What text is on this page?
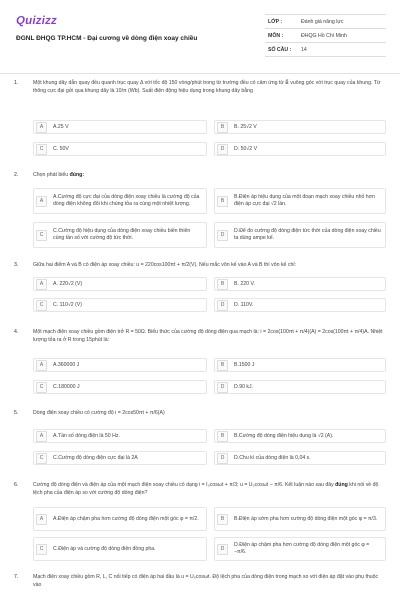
Quizizz
ĐGNL ĐHQG TP.HCM - Đại cương về dòng điện xoay chiều
LỚP :	Đánh giá năng lực
MÔN :	ĐHQG Hồ Chí Minh
SỐ CÂU :	14
1.	Một khung dây dẫn quay đều quanh trục quay Δ với tốc độ 150 vòng/phút trong từ trường đều có cảm ứng từ B⃗ vuông góc với trục quay của khung. Từ thông cực đại gửi qua khung dây là 10/π (Wb). Suất điện động hiệu dụng trong khung dây bằng
A	A.25 V	B	B. 25√2 V
C	C. 50V	D	D. 50√2 V
2.	Chọn phát biểu đúng:
A
A.Cường độ cực đại của dòng điện xoay chiều là cường độ của dòng điện không đổi khi chúng tỏa ra cùng một nhiệt lượng.	B
B.Điện áp hiệu dụng của một đoạn mạch xoay chiều nhỏ hơn điện áp cực đại √2 lần.
C
C.Cường độ hiệu dụng của dòng điện xoay chiều biến thiên cùng tần số với cường độ tức thời.	D
D.Để đo cường độ dòng điện tức thời của dòng điện xoay chiều ta dùng ampe kế.
3.	Giữa hai điểm A và B có điện áp xoay chiều: u = 220cos100πt + π/2(V). Nếu mắc vôn kế vào A và B thì vôn kế chỉ:
A	A. 220√2 (V)	B	B. 220 V.
C	C. 110√2 (V)	D	D. 110V.
4.	Một mạch điện xoay chiều gồm điện trở R = 50Ω. Biểu thức của cường độ dòng điện qua mạch là: i = 2cos(100πt + π/4)(A) = 2cos(100πt + π/4)A. Nhiệt lượng tỏa ra ở R trong 15phút là:
A	A.360000 J	B	B.1500 J
C	C.180000 J	D	D.90 kJ.
5.	Dòng điện xoay chiều có cường độ i = 2cos50πt + π/6(A)
A	A.Tần số dòng điện là 50 Hz.	B	B.Cường độ dòng điện hiệu dụng là √2 (A).
C	C.Cường độ dòng điện cực đại là 2A	D	D.Chu kì của dòng điện là 0,04 s.
6.	Cường độ dòng điện và điện áp của một mạch điện xoay chiều có dạng i = I₀cosωt + π/3; u = U₀cosωt − π/6. Kết luận nào sau đây đúng khi nói về độ lệch pha của điện áp so với cường độ dòng điện?
A	A.Điện áp chậm pha hơn cường độ dòng điện một góc φ = π/2.	B	B.Điện áp sớm pha hơn cường độ dòng điện một góc φ = π/3.
C	C.Điện áp và cường độ dòng điện đồng pha.	D
D.Điện áp chậm pha hơn cường độ dòng điện một góc φ = −π/6.
7.	Mạch điện xoay chiều gồm R, L, C nối tiếp có điện áp hai đầu là u = U₀cosωt. Độ lệch pha của dòng điện trong mạch so với điện áp đặt vào phụ thuộc vào
